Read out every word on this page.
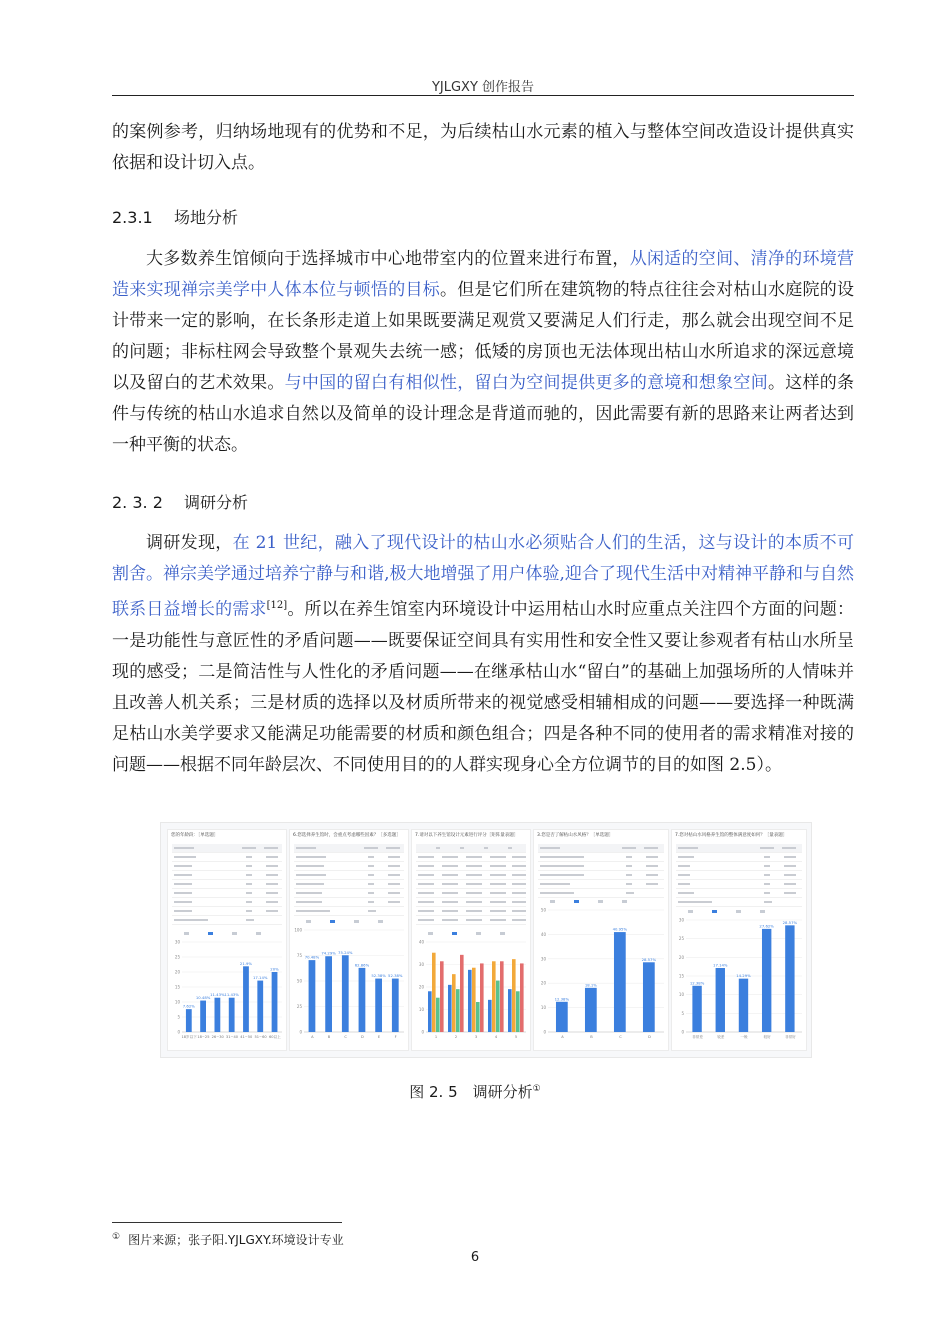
YJLGXY 创作报告

的案例参考，归纳场地现有的优势和不足，为后续枯山水元素的植入与整体空间改造设计提供真实依据和设计切入点。

2.3.1 场地分析

大多数养生馆倾向于选择城市中心地带室内的位置来进行布置，从闲适的空间、清净的环境营造来实现禅宗美学中人体本位与顿悟的目标。但是它们所在建筑物的特点往往会对枯山水庭院的设计带来一定的影响，在长条形走道上如果既要满足观赏又要满足人们行走，那么就会出现空间不足的问题；非标柱网会导致整个景观失去统一感；低矮的房顶也无法体现出枯山水所追求的深远意境以及留白的艺术效果。与中国的留白有相似性，留白为空间提供更多的意境和想象空间。这样的条件与传统的枯山水追求自然以及简单的设计理念是背道而驰的，因此需要有新的思路来让两者达到一种平衡的状态。

2. 3. 2 调研分析

调研发现，在 21 世纪，融入了现代设计的枯山水必须贴合人们的生活，这与设计的本质不可割舍。禅宗美学通过培养宁静与和谐,极大地增强了用户体验,迎合了现代生活中对精神平静和与自然联系日益增长的需求[12]。所以在养生馆室内环境设计中运用枯山水时应重点关注四个方面的问题：一是功能性与意匠性的矛盾问题——既要保证空间具有实用性和安全性又要让参观者有枯山水所呈现的感受；二是简洁性与人性化的矛盾问题——在继承枯山水“留白”的基础上加强场所的人情味并且改善人机关系；三是材质的选择以及材质所带来的视觉感受相辅相成的问题——要选择一种既满足枯山水美学要求又能满足功能需要的材质和颜色组合；四是各种不同的使用者的需求精准对接的问题——根据不同年龄层次、不同使用目的的人群实现身心全方位调节的目的如图 2.5）。

您的年龄段：［单选题］
0
5
10
15
20
25
30
7.62%
18岁以下
10.48%
18~25
11.43%
26~30
11.43%
31~40
21.9%
41~50
17.14%
51~60
20%
60以上
6.您选择养生馆时，会重点考虑哪些因素？［多选题］
0
25
50
75
100
70.48%
A
74.29%
B
75.24%
C
62.86%
D
52.38%
E
52.38%
F
7.请对以下养生馆设计元素进行评分［矩阵量表题］
0
10
20
30
40
1	2	3	4	5
3.您是否了解枯山水风格？［单选题］
0
10
20
30
40
50
12.38%
A
18.1%
B
40.95%
C
28.57%
D
7.您对枯山水风格养生馆的整体满意度如何？［量表题］
0
5
10
15
20
25
30
12.38%
非常差
17.14%
较差
14.29%
一般
27.62%
较好
28.57%
非常好
图 2. 5　调研分析①
① 图片来源；张子阳.YJLGXY.环境设计专业
6
